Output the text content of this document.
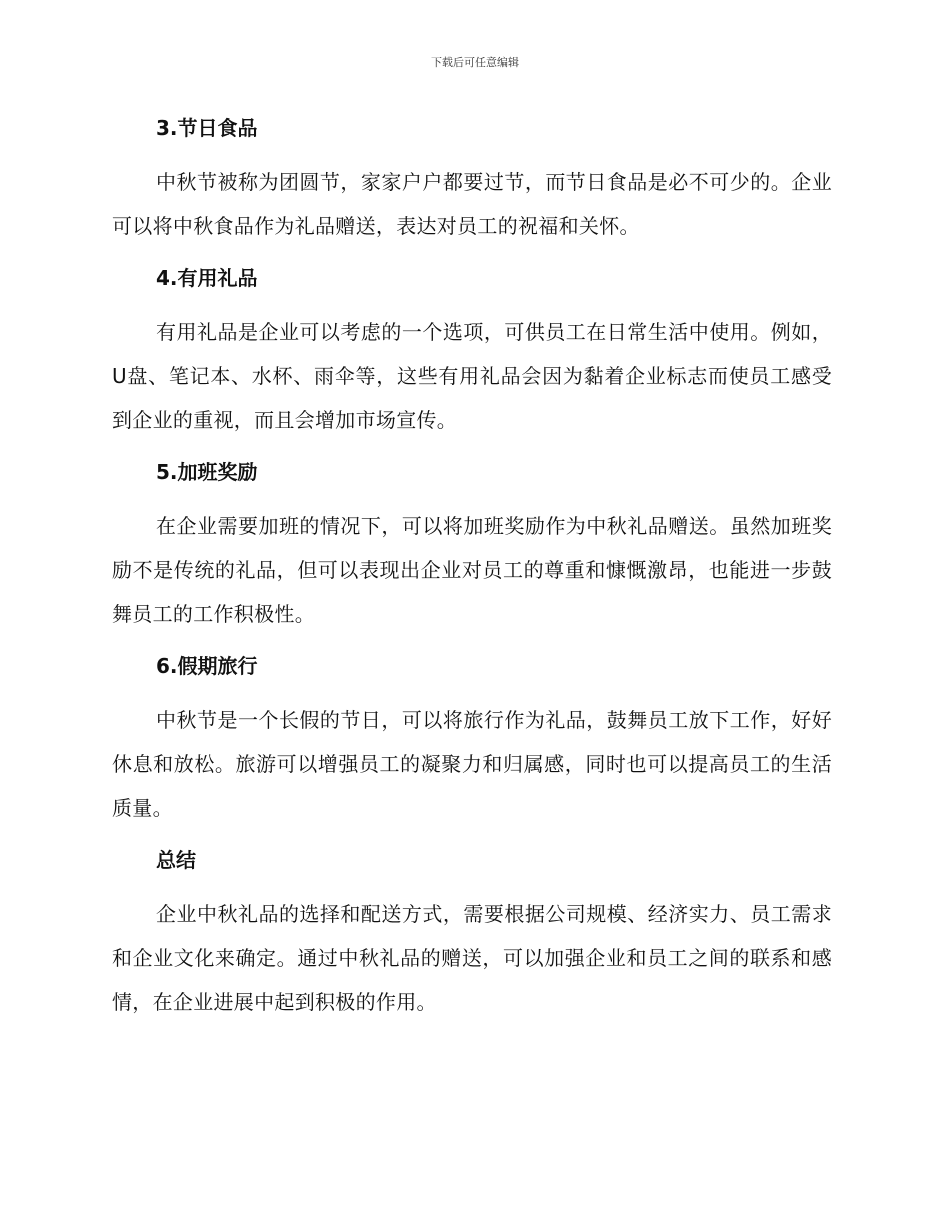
下载后可任意编辑
3.节日食品

中秋节被称为团圆节，家家户户都要过节，而节日食品是必不可少的。企业可以将中秋食品作为礼品赠送，表达对员工的祝福和关怀。

4.有用礼品

有用礼品是企业可以考虑的一个选项，可供员工在日常生活中使用。例如，U盘、笔记本、水杯、雨伞等，这些有用礼品会因为黏着企业标志而使员工感受到企业的重视，而且会增加市场宣传。

5.加班奖励

在企业需要加班的情况下，可以将加班奖励作为中秋礼品赠送。虽然加班奖励不是传统的礼品，但可以表现出企业对员工的尊重和慷慨激昂，也能进一步鼓舞员工的工作积极性。

6.假期旅行

中秋节是一个长假的节日，可以将旅行作为礼品，鼓舞员工放下工作，好好休息和放松。旅游可以增强员工的凝聚力和归属感，同时也可以提高员工的生活质量。

总结

企业中秋礼品的选择和配送方式，需要根据公司规模、经济实力、员工需求和企业文化来确定。通过中秋礼品的赠送，可以加强企业和员工之间的联系和感情，在企业进展中起到积极的作用。
